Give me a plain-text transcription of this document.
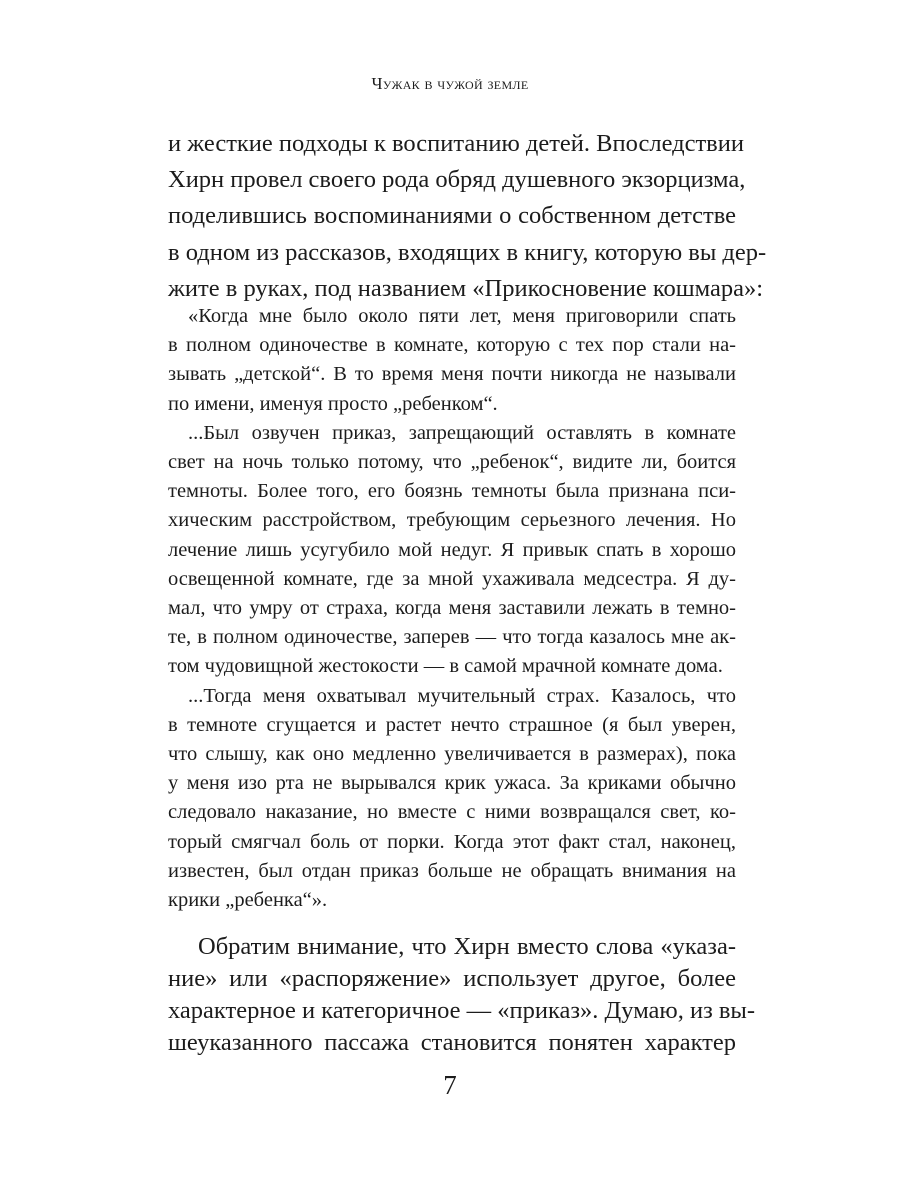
Чужак в чужой земле
и жесткие подходы к воспитанию детей. Впоследствии
Хирн провел своего рода обряд душевного экзорцизма,
поделившись воспоминаниями о собственном детстве
в одном из рассказов, входящих в книгу, которую вы дер-
жите в руках, под названием «Прикосновение кошмара»:
«Когда мне было около пяти лет, меня приговорили спать
в полном одиночестве в комнате, которую с тех пор стали на-
зывать „детской“. В то время меня почти никогда не называли
по имени, именуя просто „ребенком“.
...Был озвучен приказ, запрещающий оставлять в комнате
свет на ночь только потому, что „ребенок“, видите ли, боится
темноты. Более того, его боязнь темноты была признана пси-
хическим расстройством, требующим серьезного лечения. Но
лечение лишь усугубило мой недуг. Я привык спать в хорошо
освещенной комнате, где за мной ухаживала медсестра. Я ду-
мал, что умру от страха, когда меня заставили лежать в темно-
те, в полном одиночестве, заперев — что тогда казалось мне ак-
том чудовищной жестокости — в самой мрачной комнате дома.
...Тогда меня охватывал мучительный страх. Казалось, что
в темноте сгущается и растет нечто страшное (я был уверен,
что слышу, как оно медленно увеличивается в размерах), пока
у меня изо рта не вырывался крик ужаса. За криками обычно
следовало наказание, но вместе с ними возвращался свет, ко-
торый смягчал боль от порки. Когда этот факт стал, наконец,
известен, был отдан приказ больше не обращать внимания на
крики „ребенка“».
Обратим внимание, что Хирн вместо слова «указа-
ние» или «распоряжение» использует другое, более
характерное и категоричное — «приказ». Думаю, из вы-
шеуказанного пассажа становится понятен характер
7
